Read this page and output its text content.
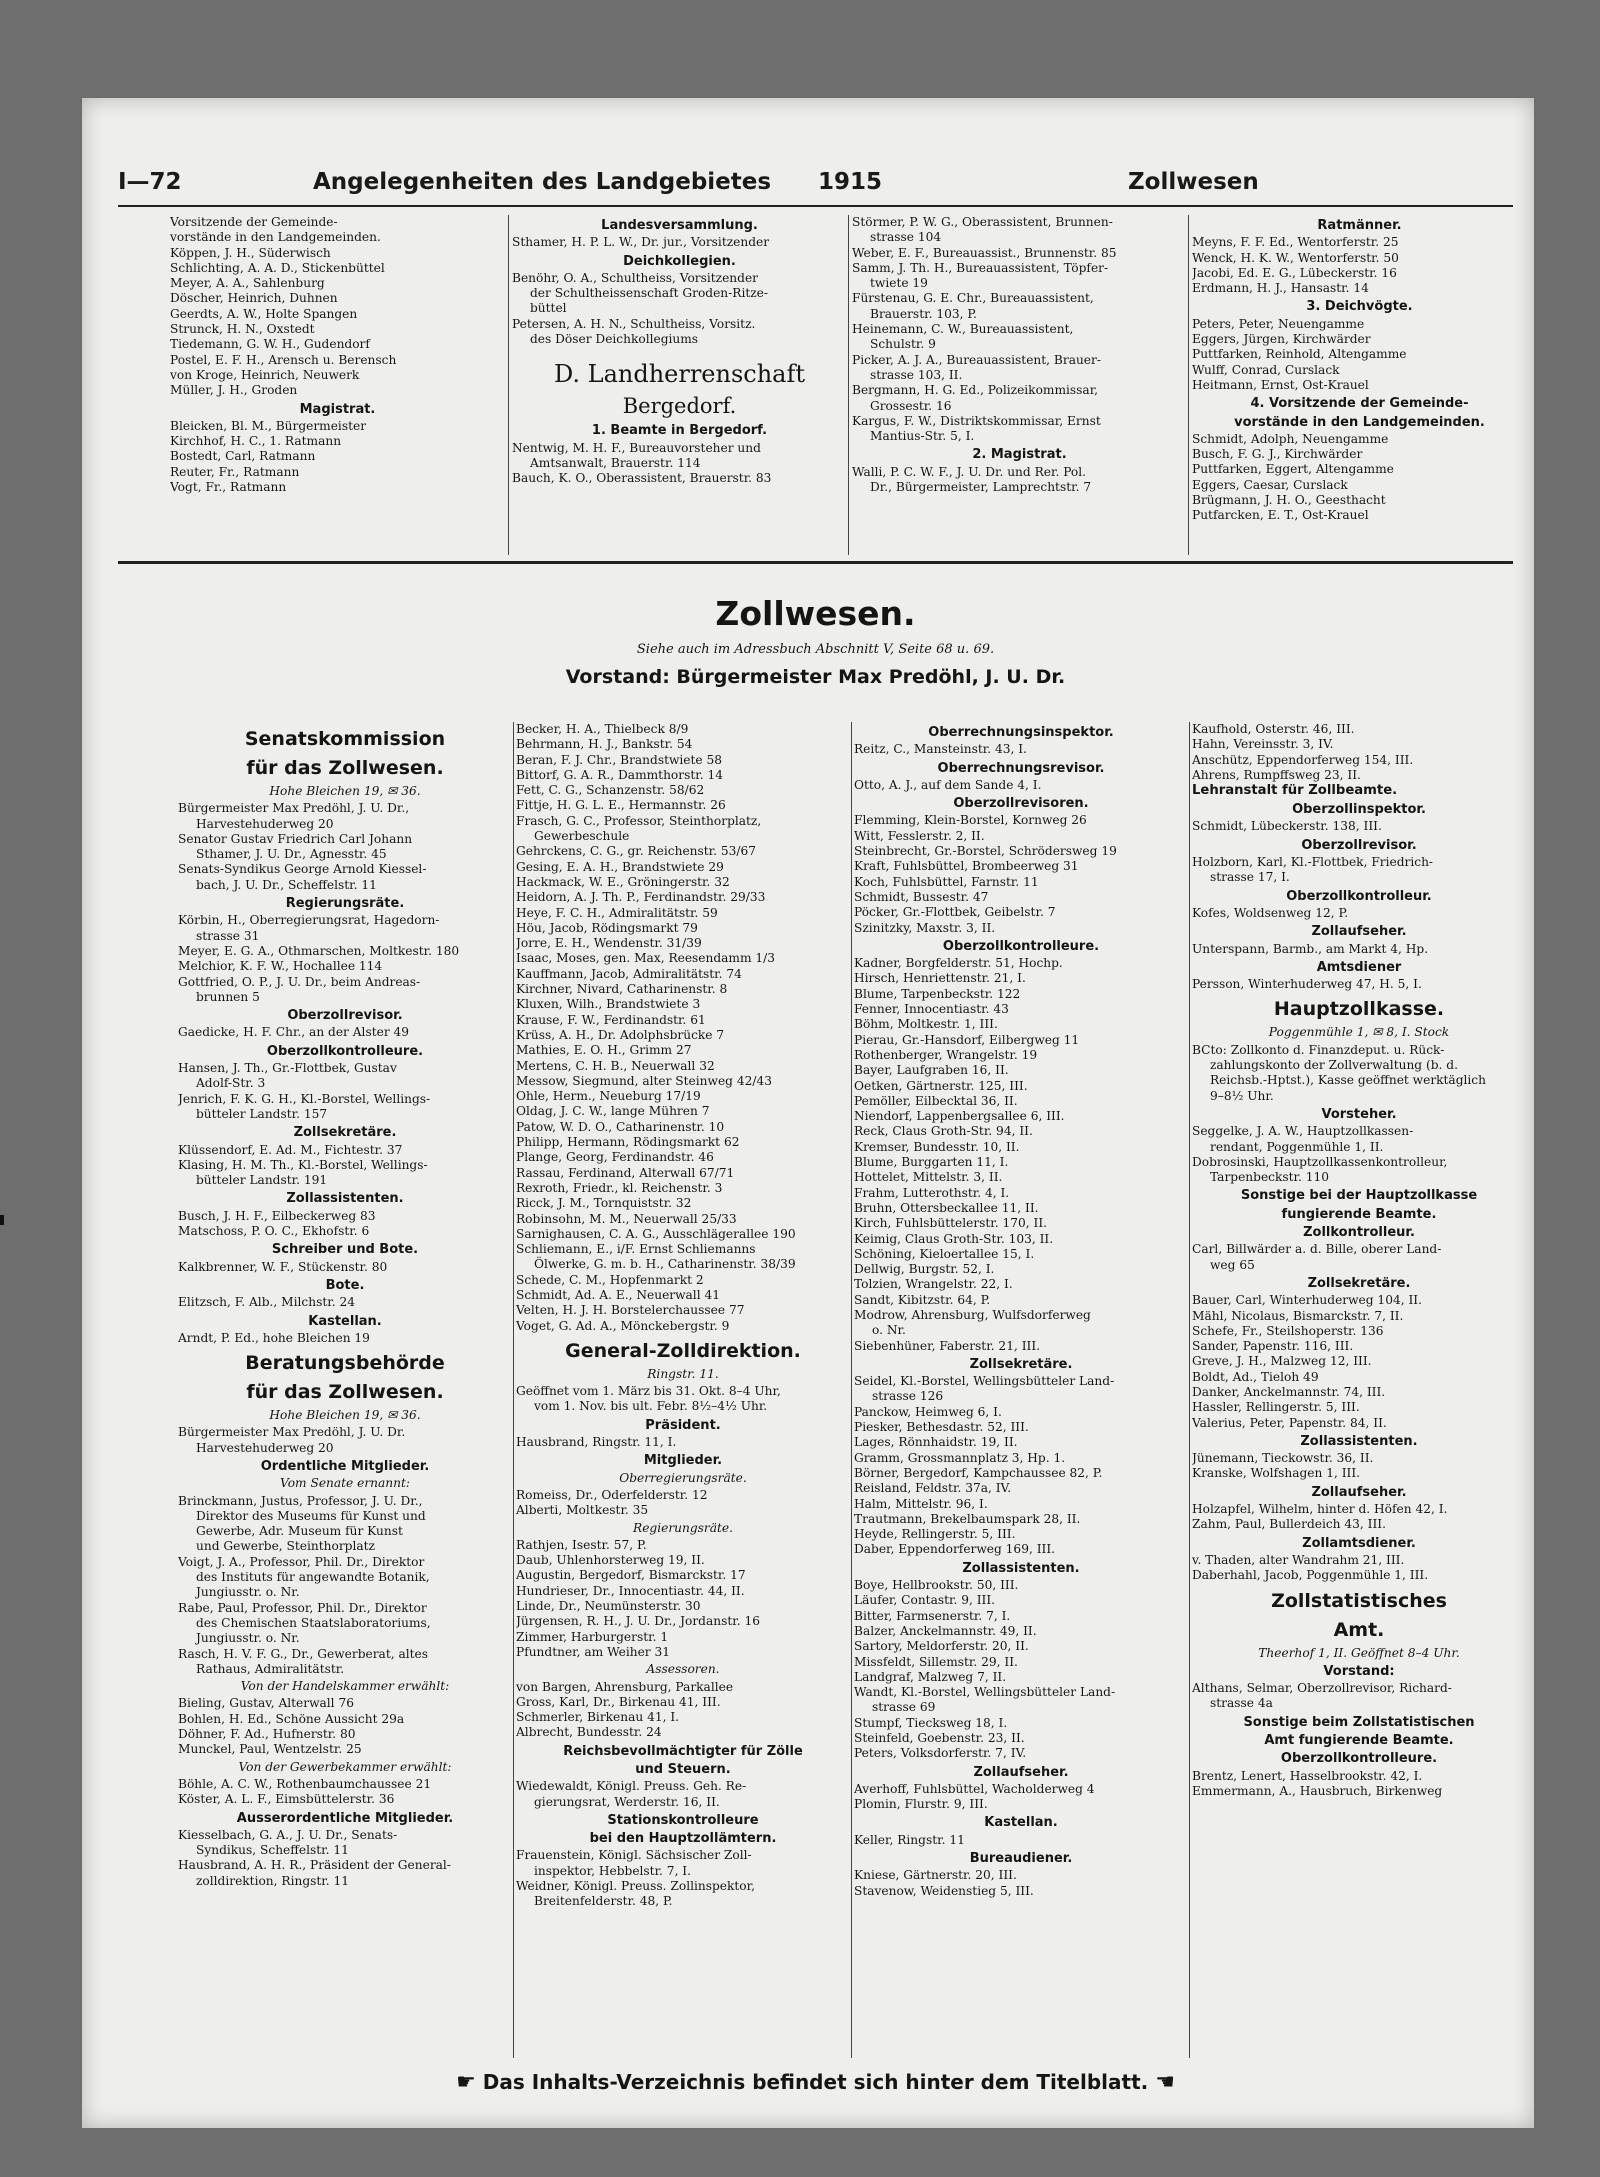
I—72	Angelegenheiten des Landgebietes 1915	Zollwesen
Vorsitzende der Gemeinde-
vorstände in den Landgemeinden.
Köppen, J. H., Süderwisch
Schlichting, A. A. D., Stickenbüttel
Meyer, A. A., Sahlenburg
Döscher, Heinrich, Duhnen
Geerdts, A. W., Holte Spangen
Strunck, H. N., Oxstedt
Tiedemann, G. W. H., Gudendorf
Postel, E. F. H., Arensch u. Berensch
von Kroge, Heinrich, Neuwerk
Müller, J. H., Groden
Magistrat.
Bleicken, Bl. M., Bürgermeister
Kirchhof, H. C., 1. Ratmann
Bostedt, Carl, Ratmann
Reuter, Fr., Ratmann
Vogt, Fr., Ratmann
Landesversammlung.
Sthamer, H. P. L. W., Dr. jur., Vorsitzender
Deichkollegien.
Benöhr, O. A., Schultheiss, Vorsitzender
der Schultheissenschaft Groden-Ritze-
büttel
Petersen, A. H. N., Schultheiss, Vorsitz.
des Döser Deichkollegiums
D. Landherrenschaft
Bergedorf.
1. Beamte in Bergedorf.
Nentwig, M. H. F., Bureauvorsteher und
Amtsanwalt, Brauerstr. 114
Bauch, K. O., Oberassistent, Brauerstr. 83
Störmer, P. W. G., Oberassistent, Brunnen-
strasse 104
Weber, E. F., Bureauassist., Brunnenstr. 85
Samm, J. Th. H., Bureauassistent, Töpfer-
twiete 19
Fürstenau, G. E. Chr., Bureauassistent,
Brauerstr. 103, P.
Heinemann, C. W., Bureauassistent,
Schulstr. 9
Picker, A. J. A., Bureauassistent, Brauer-
strasse 103, II.
Bergmann, H. G. Ed., Polizeikommissar,
Grossestr. 16
Kargus, F. W., Distriktskommissar, Ernst
Mantius-Str. 5, I.
2. Magistrat.
Walli, P. C. W. F., J. U. Dr. und Rer. Pol.
Dr., Bürgermeister, Lamprechtstr. 7
Ratmänner.
Meyns, F. F. Ed., Wentorferstr. 25
Wenck, H. K. W., Wentorferstr. 50
Jacobi, Ed. E. G., Lübeckerstr. 16
Erdmann, H. J., Hansastr. 14
3. Deichvögte.
Peters, Peter, Neuengamme
Eggers, Jürgen, Kirchwärder
Puttfarken, Reinhold, Altengamme
Wulff, Conrad, Curslack
Heitmann, Ernst, Ost-Krauel
4. Vorsitzende der Gemeinde-
vorstände in den Landgemeinden.
Schmidt, Adolph, Neuengamme
Busch, F. G. J., Kirchwärder
Puttfarken, Eggert, Altengamme
Eggers, Caesar, Curslack
Brügmann, J. H. O., Geesthacht
Putfarcken, E. T., Ost-Krauel
Zollwesen.
Siehe auch im Adressbuch Abschnitt V, Seite 68 u. 69.
Vorstand: Bürgermeister Max Predöhl, J. U. Dr.
Senatskommission
für das Zollwesen.
Hohe Bleichen 19, ✉ 36.
Bürgermeister Max Predöhl, J. U. Dr.,
Harvestehuderweg 20
Senator Gustav Friedrich Carl Johann
Sthamer, J. U. Dr., Agnesstr. 45
Senats-Syndikus George Arnold Kiessel-
bach, J. U. Dr., Scheffelstr. 11
Regierungsräte.
Körbin, H., Oberregierungsrat, Hagedorn-
strasse 31
Meyer, E. G. A., Othmarschen, Moltkestr. 180
Melchior, K. F. W., Hochallee 114
Gottfried, O. P., J. U. Dr., beim Andreas-
brunnen 5
Oberzollrevisor.
Gaedicke, H. F. Chr., an der Alster 49
Oberzollkontrolleure.
Hansen, J. Th., Gr.-Flottbek, Gustav
Adolf-Str. 3
Jenrich, F. K. G. H., Kl.-Borstel, Wellings-
bütteler Landstr. 157
Zollsekretäre.
Klüssendorf, E. Ad. M., Fichtestr. 37
Klasing, H. M. Th., Kl.-Borstel, Wellings-
bütteler Landstr. 191
Zollassistenten.
Busch, J. H. F., Eilbeckerweg 83
Matschoss, P. O. C., Ekhofstr. 6
Schreiber und Bote.
Kalkbrenner, W. F., Stückenstr. 80
Bote.
Elitzsch, F. Alb., Milchstr. 24
Kastellan.
Arndt, P. Ed., hohe Bleichen 19
Beratungsbehörde
für das Zollwesen.
Hohe Bleichen 19, ✉ 36.
Bürgermeister Max Predöhl, J. U. Dr.
Harvestehuderweg 20
Ordentliche Mitglieder.
Vom Senate ernannt:
Brinckmann, Justus, Professor, J. U. Dr.,
Direktor des Museums für Kunst und
Gewerbe, Adr. Museum für Kunst
und Gewerbe, Steinthorplatz
Voigt, J. A., Professor, Phil. Dr., Direktor
des Instituts für angewandte Botanik,
Jungiusstr. o. Nr.
Rabe, Paul, Professor, Phil. Dr., Direktor
des Chemischen Staatslaboratoriums,
Jungiusstr. o. Nr.
Rasch, H. V. F. G., Dr., Gewerberat, altes
Rathaus, Admiralitätstr.
Von der Handelskammer erwählt:
Bieling, Gustav, Alterwall 76
Bohlen, H. Ed., Schöne Aussicht 29a
Döhner, F. Ad., Hufnerstr. 80
Munckel, Paul, Wentzelstr. 25
Von der Gewerbekammer erwählt:
Böhle, A. C. W., Rothenbaumchaussee 21
Köster, A. L. F., Eimsbüttelerstr. 36
Ausserordentliche Mitglieder.
Kiesselbach, G. A., J. U. Dr., Senats-
Syndikus, Scheffelstr. 11
Hausbrand, A. H. R., Präsident der General-
zolldirektion, Ringstr. 11
Becker, H. A., Thielbeck 8/9
Behrmann, H. J., Bankstr. 54
Beran, F. J. Chr., Brandstwiete 58
Bittorf, G. A. R., Dammthorstr. 14
Fett, C. G., Schanzenstr. 58/62
Fittje, H. G. L. E., Hermannstr. 26
Frasch, G. C., Professor, Steinthorplatz,
Gewerbeschule
Gehrckens, C. G., gr. Reichenstr. 53/67
Gesing, E. A. H., Brandstwiete 29
Hackmack, W. E., Gröningerstr. 32
Heidorn, A. J. Th. P., Ferdinandstr. 29/33
Heye, F. C. H., Admiralitätstr. 59
Höu, Jacob, Rödingsmarkt 79
Jorre, E. H., Wendenstr. 31/39
Isaac, Moses, gen. Max, Reesendamm 1/3
Kauffmann, Jacob, Admiralitätstr. 74
Kirchner, Nivard, Catharinenstr. 8
Kluxen, Wilh., Brandstwiete 3
Krause, F. W., Ferdinandstr. 61
Krüss, A. H., Dr. Adolphsbrücke 7
Mathies, E. O. H., Grimm 27
Mertens, C. H. B., Neuerwall 32
Messow, Siegmund, alter Steinweg 42/43
Ohle, Herm., Neueburg 17/19
Oldag, J. C. W., lange Mühren 7
Patow, W. D. O., Catharinenstr. 10
Philipp, Hermann, Rödingsmarkt 62
Plange, Georg, Ferdinandstr. 46
Rassau, Ferdinand, Alterwall 67/71
Rexroth, Friedr., kl. Reichenstr. 3
Ricck, J. M., Tornquiststr. 32
Robinsohn, M. M., Neuerwall 25/33
Sarnighausen, C. A. G., Ausschlägerallee 190
Schliemann, E., i/F. Ernst Schliemanns
Ölwerke, G. m. b. H., Catharinenstr. 38/39
Schede, C. M., Hopfenmarkt 2
Schmidt, Ad. A. E., Neuerwall 41
Velten, H. J. H. Borstelerchaussee 77
Voget, G. Ad. A., Mönckebergstr. 9
General-Zolldirektion.
Ringstr. 11.
Geöffnet vom 1. März bis 31. Okt. 8–4 Uhr,
vom 1. Nov. bis ult. Febr. 8½–4½ Uhr.
Präsident.
Hausbrand, Ringstr. 11, I.
Mitglieder.
Oberregierungsräte.
Romeiss, Dr., Oderfelderstr. 12
Alberti, Moltkestr. 35
Regierungsräte.
Rathjen, Isestr. 57, P.
Daub, Uhlenhorsterweg 19, II.
Augustin, Bergedorf, Bismarckstr. 17
Hundrieser, Dr., Innocentiastr. 44, II.
Linde, Dr., Neumünsterstr. 30
Jürgensen, R. H., J. U. Dr., Jordanstr. 16
Zimmer, Harburgerstr. 1
Pfundtner, am Weiher 31
Assessoren.
von Bargen, Ahrensburg, Parkallee
Gross, Karl, Dr., Birkenau 41, III.
Schmerler, Birkenau 41, I.
Albrecht, Bundesstr. 24
Reichsbevollmächtigter für Zölle
und Steuern.
Wiedewaldt, Königl. Preuss. Geh. Re-
gierungsrat, Werderstr. 16, II.
Stationskontrolleure
bei den Hauptzollämtern.
Frauenstein, Königl. Sächsischer Zoll-
inspektor, Hebbelstr. 7, I.
Weidner, Königl. Preuss. Zollinspektor,
Breitenfelderstr. 48, P.
Oberrechnungsinspektor.
Reitz, C., Mansteinstr. 43, I.
Oberrechnungsrevisor.
Otto, A. J., auf dem Sande 4, I.
Oberzollrevisoren.
Flemming, Klein-Borstel, Kornweg 26
Witt, Fesslerstr. 2, II.
Steinbrecht, Gr.-Borstel, Schrödersweg 19
Kraft, Fuhlsbüttel, Brombeerweg 31
Koch, Fuhlsbüttel, Farnstr. 11
Schmidt, Bussestr. 47
Pöcker, Gr.-Flottbek, Geibelstr. 7
Szinitzky, Maxstr. 3, II.
Oberzollkontrolleure.
Kadner, Borgfelderstr. 51, Hochp.
Hirsch, Henriettenstr. 21, I.
Blume, Tarpenbeckstr. 122
Fenner, Innocentiastr. 43
Böhm, Moltkestr. 1, III.
Pierau, Gr.-Hansdorf, Eilbergweg 11
Rothenberger, Wrangelstr. 19
Bayer, Laufgraben 16, II.
Oetken, Gärtnerstr. 125, III.
Pemöller, Eilbecktal 36, II.
Niendorf, Lappenbergsallee 6, III.
Reck, Claus Groth-Str. 94, II.
Kremser, Bundesstr. 10, II.
Blume, Burggarten 11, I.
Hottelet, Mittelstr. 3, II.
Frahm, Lutterothstr. 4, I.
Bruhn, Ottersbeckallee 11, II.
Kirch, Fuhlsbüttelerstr. 170, II.
Keimig, Claus Groth-Str. 103, II.
Schöning, Kieloertallee 15, I.
Dellwig, Burgstr. 52, I.
Tolzien, Wrangelstr. 22, I.
Sandt, Kibitzstr. 64, P.
Modrow, Ahrensburg, Wulfsdorferweg
o. Nr.
Siebenhüner, Faberstr. 21, III.
Zollsekretäre.
Seidel, Kl.-Borstel, Wellingsbütteler Land-
strasse 126
Panckow, Heimweg 6, I.
Piesker, Bethesdastr. 52, III.
Lages, Rönnhaidstr. 19, II.
Gramm, Grossmannplatz 3, Hp. 1.
Börner, Bergedorf, Kampchaussee 82, P.
Reisland, Feldstr. 37a, IV.
Halm, Mittelstr. 96, I.
Trautmann, Brekelbaumspark 28, II.
Heyde, Rellingerstr. 5, III.
Daber, Eppendorferweg 169, III.
Zollassistenten.
Boye, Hellbrookstr. 50, III.
Läufer, Contastr. 9, III.
Bitter, Farmsenerstr. 7, I.
Balzer, Anckelmannstr. 49, II.
Sartory, Meldorferstr. 20, II.
Missfeldt, Sillemstr. 29, II.
Landgraf, Malzweg 7, II.
Wandt, Kl.-Borstel, Wellingsbütteler Land-
strasse 69
Stumpf, Tiecksweg 18, I.
Steinfeld, Goebenstr. 23, II.
Peters, Volksdorferstr. 7, IV.
Zollaufseher.
Averhoff, Fuhlsbüttel, Wacholderweg 4
Plomin, Flurstr. 9, III.
Kastellan.
Keller, Ringstr. 11
Bureaudiener.
Kniese, Gärtnerstr. 20, III.
Stavenow, Weidenstieg 5, III.
Kaufhold, Osterstr. 46, III.
Hahn, Vereinsstr. 3, IV.
Anschütz, Eppendorferweg 154, III.
Ahrens, Rumpffsweg 23, II.
Lehranstalt für Zollbeamte.
Oberzollinspektor.
Schmidt, Lübeckerstr. 138, III.
Oberzollrevisor.
Holzborn, Karl, Kl.-Flottbek, Friedrich-
strasse 17, I.
Oberzollkontrolleur.
Kofes, Woldsenweg 12, P.
Zollaufseher.
Unterspann, Barmb., am Markt 4, Hp.
Amtsdiener
Persson, Winterhuderweg 47, H. 5, I.
Hauptzollkasse.
Poggenmühle 1, ✉ 8, I. Stock
BCto: Zollkonto d. Finanzdeput. u. Rück-
zahlungskonto der Zollverwaltung (b. d.
Reichsb.-Hptst.), Kasse geöffnet werktäglich
9–8½ Uhr.
Vorsteher.
Seggelke, J. A. W., Hauptzollkassen-
rendant, Poggenmühle 1, II.
Dobrosinski, Hauptzollkassenkontrolleur,
Tarpenbeckstr. 110
Sonstige bei der Hauptzollkasse
fungierende Beamte.
Zollkontrolleur.
Carl, Billwärder a. d. Bille, oberer Land-
weg 65
Zollsekretäre.
Bauer, Carl, Winterhuderweg 104, II.
Mähl, Nicolaus, Bismarckstr. 7, II.
Schefe, Fr., Steilshoperstr. 136
Sander, Papenstr. 116, III.
Greve, J. H., Malzweg 12, III.
Boldt, Ad., Tieloh 49
Danker, Anckelmannstr. 74, III.
Hassler, Rellingerstr. 5, III.
Valerius, Peter, Papenstr. 84, II.
Zollassistenten.
Jünemann, Tieckowstr. 36, II.
Kranske, Wolfshagen 1, III.
Zollaufseher.
Holzapfel, Wilhelm, hinter d. Höfen 42, I.
Zahm, Paul, Bullerdeich 43, III.
Zollamtsdiener.
v. Thaden, alter Wandrahm 21, III.
Daberhahl, Jacob, Poggenmühle 1, III.
Zollstatistisches
Amt.
Theerhof 1, II. Geöffnet 8–4 Uhr.
Vorstand:
Althans, Selmar, Oberzollrevisor, Richard-
strasse 4a
Sonstige beim Zollstatistischen
Amt fungierende Beamte.
Oberzollkontrolleure.
Brentz, Lenert, Hasselbrookstr. 42, I.
Emmermann, A., Hausbruch, Birkenweg
☛ Das Inhalts-Verzeichnis befindet sich hinter dem Titelblatt. ☚
